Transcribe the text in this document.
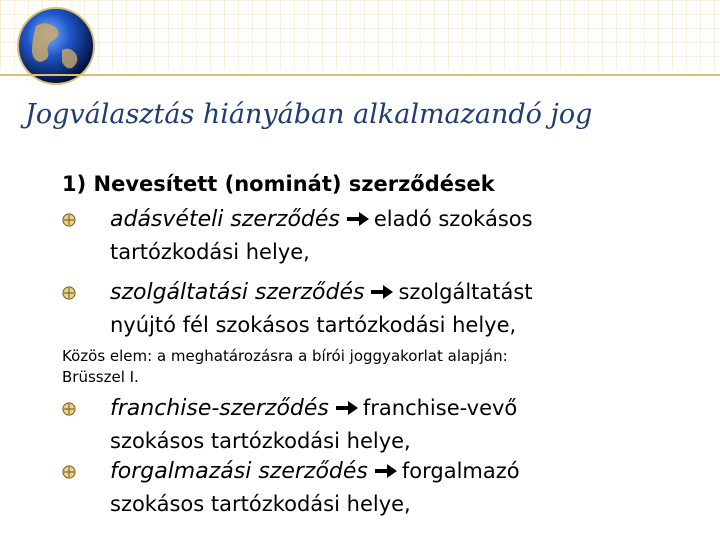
Jogválasztás hiányában alkalmazandó jog
1) Nevesített (nominát) szerződések
adásvételi szerződés eladó szokásos
tartózkodási helye,
szolgáltatási szerződés szolgáltatást
nyújtó fél szokásos tartózkodási helye,
Közös elem: a meghatározásra a bírói joggyakorlat alapján:
Brüsszel I.
franchise-szerződés franchise-vevő
szokásos tartózkodási helye,
forgalmazási szerződés forgalmazó
szokásos tartózkodási helye,
